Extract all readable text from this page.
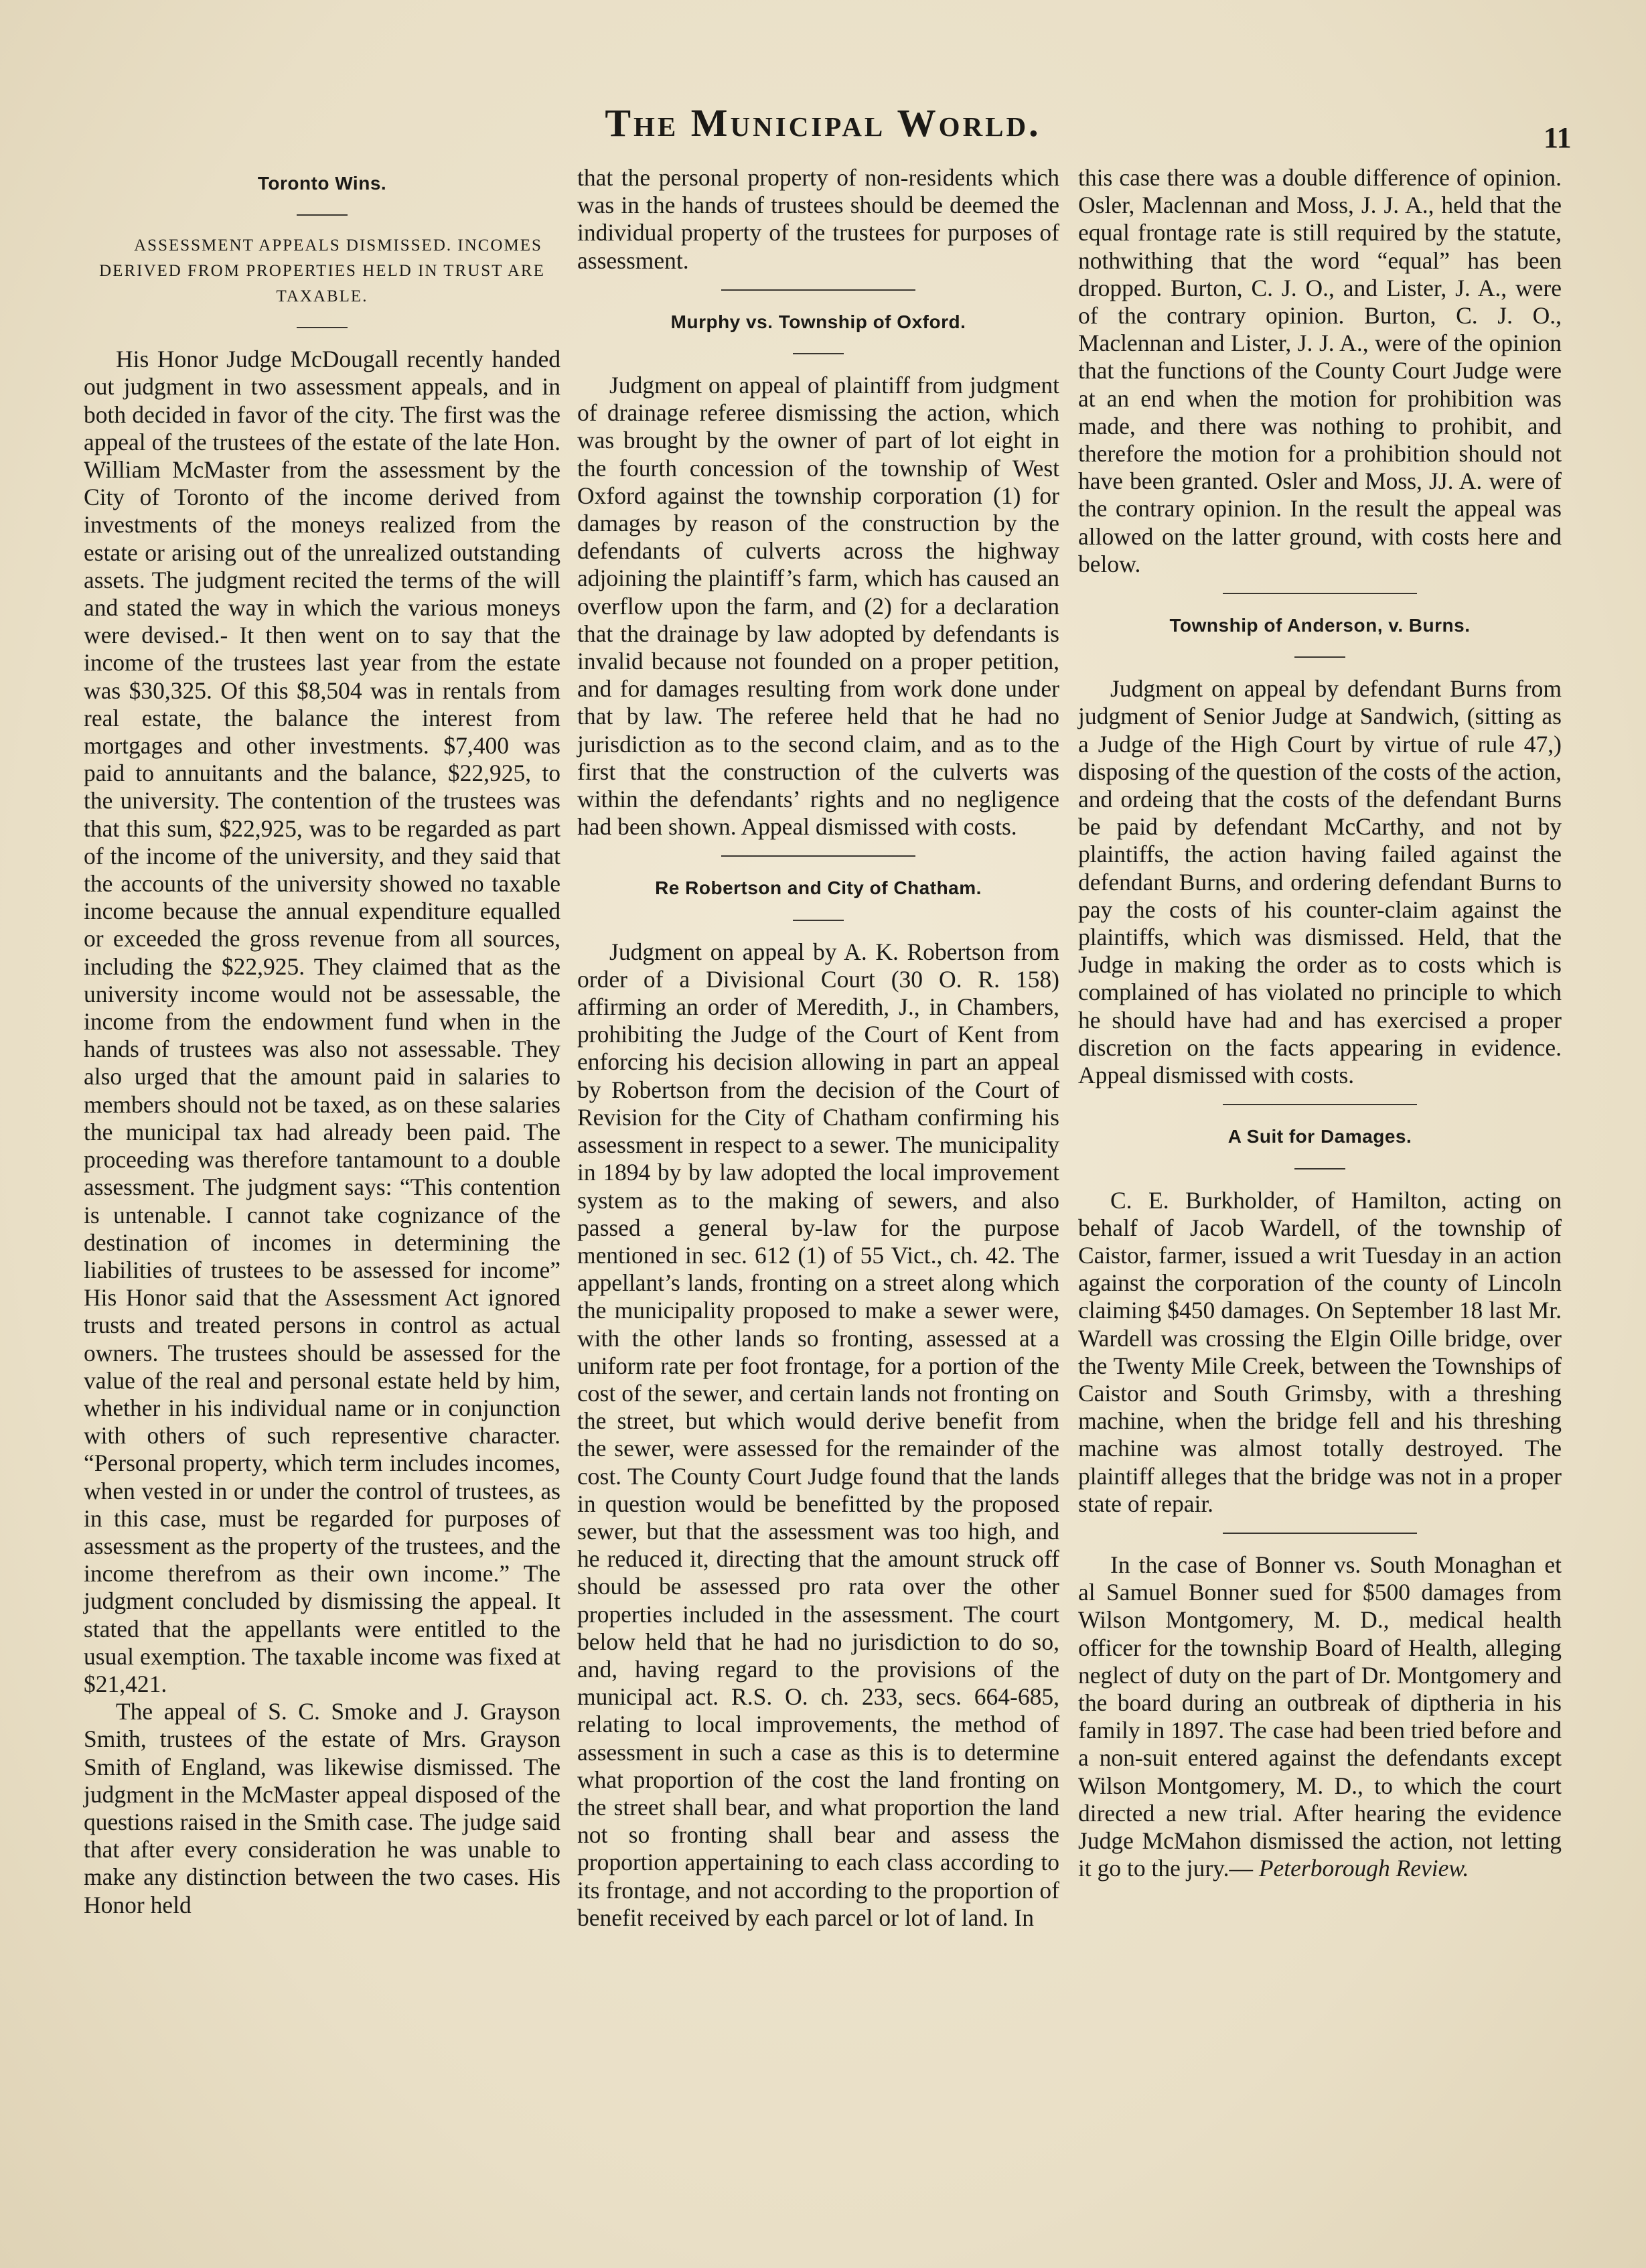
The Municipal World.	11
Toronto Wins.

ASSESSMENT APPEALS DISMISSED. INCOMES DERIVED FROM PROPERTIES HELD IN TRUST ARE TAXABLE.

His Honor Judge McDougall recently handed out judgment in two assessment appeals, and in both decided in favor of the city. The first was the appeal of the trustees of the estate of the late Hon. William McMaster from the assessment by the City of Toronto of the income derived from investments of the moneys realized from the estate or arising out of the unrealized outstanding assets. The judgment recited the terms of the will and stated the way in which the various moneys were devised.- It then went on to say that the income of the trustees last year from the estate was $30,325. Of this $8,504 was in rentals from real estate, the balance the interest from mortgages and other investments. $7,400 was paid to annuitants and the balance, $22,925, to the university. The contention of the trustees was that this sum, $22,925, was to be regarded as part of the income of the university, and they said that the accounts of the university showed no taxable income because the annual expenditure equalled or exceeded the gross revenue from all sources, including the $22,925. They claimed that as the university income would not be assessable, the income from the endowment fund when in the hands of trustees was also not assessable. They also urged that the amount paid in salaries to members should not be taxed, as on these salaries the municipal tax had already been paid. The proceeding was therefore tantamount to a double assessment. The judgment says: “This contention is untenable. I cannot take cognizance of the destination of incomes in determining the liabilities of trustees to be assessed for income” His Honor said that the Assessment Act ignored trusts and treated persons in control as actual owners. The trustees should be assessed for the value of the real and personal estate held by him, whether in his individual name or in conjunction with others of such representive character. “Personal property, which term includes incomes, when vested in or under the control of trustees, as in this case, must be regarded for purposes of assessment as the property of the trustees, and the income therefrom as their own income.” The judgment concluded by dismissing the appeal. It stated that the appellants were entitled to the usual exemption. The taxable income was fixed at $21,421.

The appeal of S. C. Smoke and J. Grayson Smith, trustees of the estate of Mrs. Grayson Smith of England, was likewise dismissed. The judgment in the McMaster appeal disposed of the questions raised in the Smith case. The judge said that after every consideration he was unable to make any distinction between the two cases. His Honor held

that the personal property of non-residents which was in the hands of trustees should be deemed the individual property of the trustees for purposes of assessment.

Murphy vs. Township of Oxford.

Judgment on appeal of plaintiff from judgment of drainage referee dismissing the action, which was brought by the owner of part of lot eight in the fourth concession of the township of West Oxford against the township corporation (1) for damages by reason of the construction by the defendants of culverts across the highway adjoining the plaintiff’s farm, which has caused an overflow upon the farm, and (2) for a declaration that the drainage by law adopted by defendants is invalid because not founded on a proper petition, and for damages resulting from work done under that by law. The referee held that he had no jurisdiction as to the second claim, and as to the first that the construction of the culverts was within the defendants’ rights and no negligence had been shown. Appeal dismissed with costs.

Re Robertson and City of Chatham.

Judgment on appeal by A. K. Robertson from order of a Divisional Court (30 O. R. 158) affirming an order of Meredith, J., in Chambers, prohibiting the Judge of the Court of Kent from enforcing his decision allowing in part an appeal by Robertson from the decision of the Court of Revision for the City of Chatham confirming his assessment in respect to a sewer. The municipality in 1894 by by law adopted the local improvement system as to the making of sewers, and also passed a general by-law for the purpose mentioned in sec. 612 (1) of 55 Vict., ch. 42. The appellant’s lands, fronting on a street along which the municipality proposed to make a sewer were, with the other lands so fronting, assessed at a uniform rate per foot frontage, for a portion of the cost of the sewer, and certain lands not fronting on the street, but which would derive benefit from the sewer, were assessed for the remainder of the cost. The County Court Judge found that the lands in question would be benefitted by the proposed sewer, but that the assessment was too high, and he reduced it, directing that the amount struck off should be assessed pro rata over the other properties included in the assessment. The court below held that he had no jurisdiction to do so, and, having regard to the provisions of the municipal act. R.S. O. ch. 233, secs. 664-685, relating to local improvements, the method of assessment in such a case as this is to determine what proportion of the cost the land fronting on the street shall bear, and what proportion the land not so fronting shall bear and assess the proportion appertaining to each class according to its frontage, and not according to the proportion of benefit received by each parcel or lot of land. In

this case there was a double difference of opinion. Osler, Maclennan and Moss, J. J. A., held that the equal frontage rate is still required by the statute, nothwithing that the word “equal” has been dropped. Burton, C. J. O., and Lister, J. A., were of the contrary opinion. Burton, C. J. O., Maclennan and Lister, J. J. A., were of the opinion that the functions of the County Court Judge were at an end when the motion for prohibition was made, and there was nothing to prohibit, and therefore the motion for a prohibition should not have been granted. Osler and Moss, JJ. A. were of the contrary opinion. In the result the appeal was allowed on the latter ground, with costs here and below.

Township of Anderson, v. Burns.

Judgment on appeal by defendant Burns from judgment of Senior Judge at Sandwich, (sitting as a Judge of the High Court by virtue of rule 47,) disposing of the question of the costs of the action, and ordeing that the costs of the defendant Burns be paid by defendant McCarthy, and not by plaintiffs, the action having failed against the defendant Burns, and ordering defendant Burns to pay the costs of his counter-claim against the plaintiffs, which was dismissed. Held, that the Judge in making the order as to costs which is complained of has violated no principle to which he should have had and has exercised a proper discretion on the facts appearing in evidence. Appeal dismissed with costs.

A Suit for Damages.

C. E. Burkholder, of Hamilton, acting on behalf of Jacob Wardell, of the township of Caistor, farmer, issued a writ Tuesday in an action against the corporation of the county of Lincoln claiming $450 damages. On September 18 last Mr. Wardell was crossing the Elgin Oille bridge, over the Twenty Mile Creek, between the Townships of Caistor and South Grimsby, with a threshing machine, when the bridge fell and his threshing machine was almost totally destroyed. The plaintiff alleges that the bridge was not in a proper state of repair.

In the case of Bonner vs. South Monaghan et al Samuel Bonner sued for $500 damages from Wilson Montgomery, M. D., medical health officer for the township Board of Health, alleging neglect of duty on the part of Dr. Montgomery and the board during an outbreak of diptheria in his family in 1897. The case had been tried before and a non-suit entered against the defendants except Wilson Montgomery, M. D., to which the court directed a new trial. After hearing the evidence Judge McMahon dismissed the action, not letting it go to the jury.— Peterborough Review.
